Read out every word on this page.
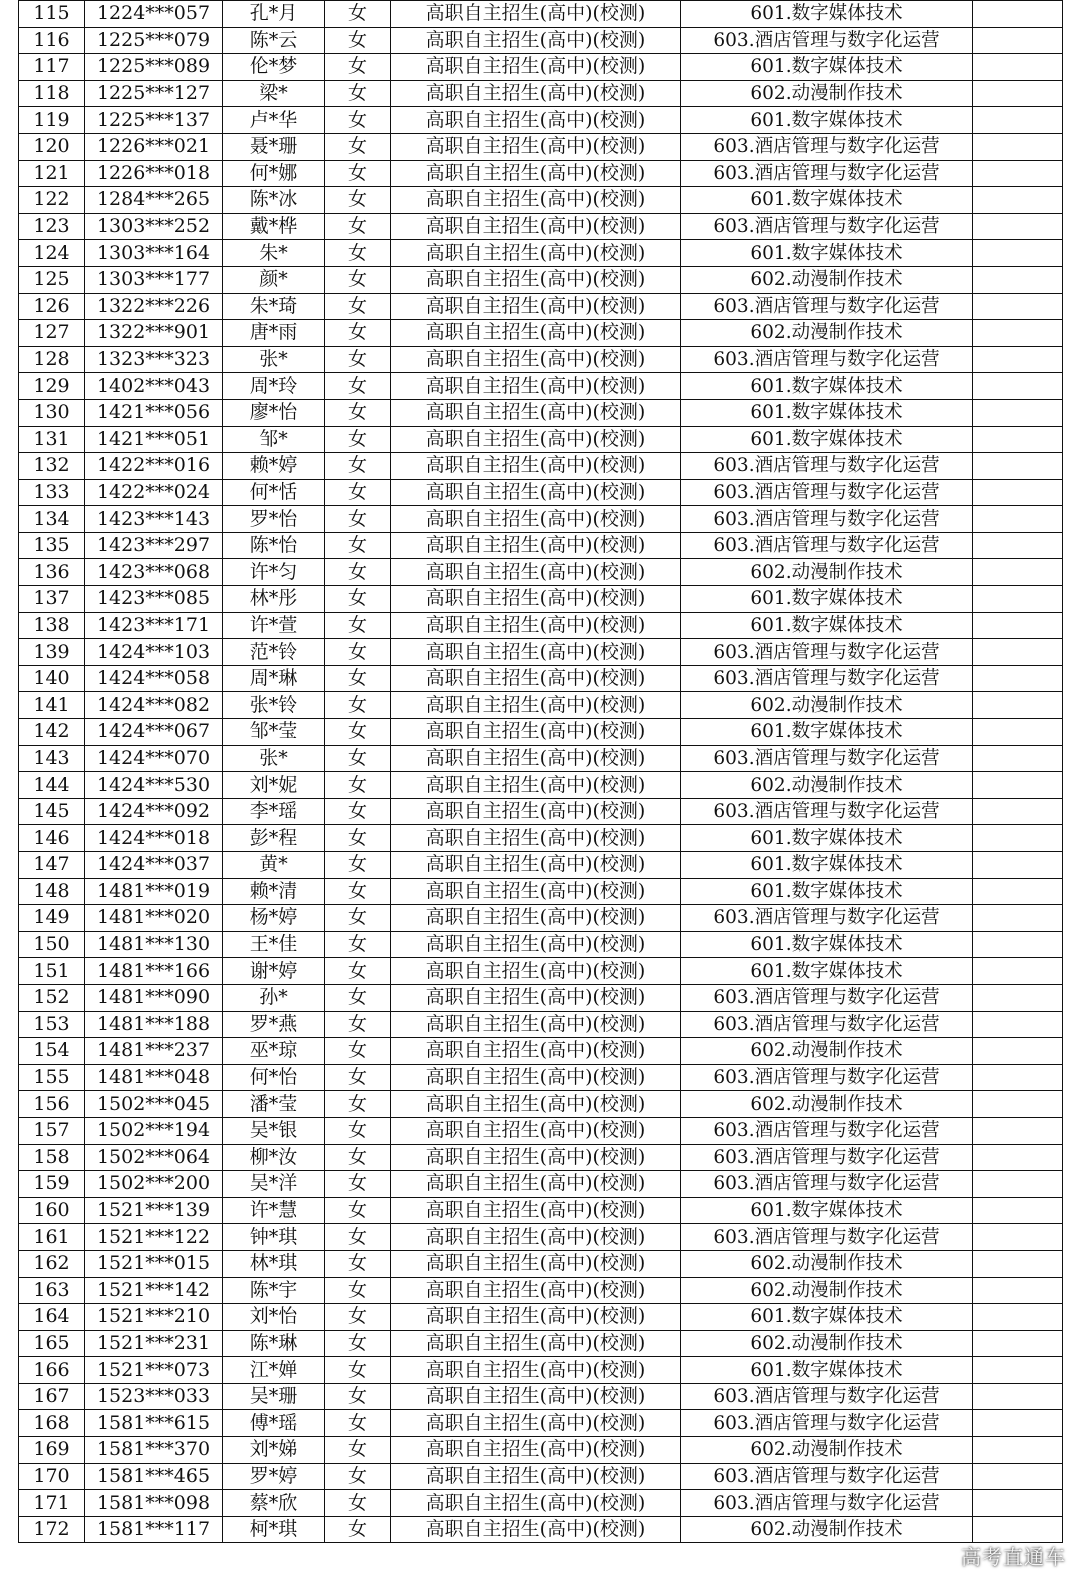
115	1224***057	孔*月	女	高职自主招生(高中)(校测)	601.数字媒体技术	
116	1225***079	陈*云	女	高职自主招生(高中)(校测)	603.酒店管理与数字化运营	
117	1225***089	伦*梦	女	高职自主招生(高中)(校测)	601.数字媒体技术	
118	1225***127	梁*	女	高职自主招生(高中)(校测)	602.动漫制作技术	
119	1225***137	卢*华	女	高职自主招生(高中)(校测)	601.数字媒体技术	
120	1226***021	聂*珊	女	高职自主招生(高中)(校测)	603.酒店管理与数字化运营	
121	1226***018	何*娜	女	高职自主招生(高中)(校测)	603.酒店管理与数字化运营	
122	1284***265	陈*冰	女	高职自主招生(高中)(校测)	601.数字媒体技术	
123	1303***252	戴*桦	女	高职自主招生(高中)(校测)	603.酒店管理与数字化运营	
124	1303***164	朱*	女	高职自主招生(高中)(校测)	601.数字媒体技术	
125	1303***177	颜*	女	高职自主招生(高中)(校测)	602.动漫制作技术	
126	1322***226	朱*琦	女	高职自主招生(高中)(校测)	603.酒店管理与数字化运营	
127	1322***901	唐*雨	女	高职自主招生(高中)(校测)	602.动漫制作技术	
128	1323***323	张*	女	高职自主招生(高中)(校测)	603.酒店管理与数字化运营	
129	1402***043	周*玲	女	高职自主招生(高中)(校测)	601.数字媒体技术	
130	1421***056	廖*怡	女	高职自主招生(高中)(校测)	601.数字媒体技术	
131	1421***051	邹*	女	高职自主招生(高中)(校测)	601.数字媒体技术	
132	1422***016	赖*婷	女	高职自主招生(高中)(校测)	603.酒店管理与数字化运营	
133	1422***024	何*恬	女	高职自主招生(高中)(校测)	603.酒店管理与数字化运营	
134	1423***143	罗*怡	女	高职自主招生(高中)(校测)	603.酒店管理与数字化运营	
135	1423***297	陈*怡	女	高职自主招生(高中)(校测)	603.酒店管理与数字化运营	
136	1423***068	许*匀	女	高职自主招生(高中)(校测)	602.动漫制作技术	
137	1423***085	林*彤	女	高职自主招生(高中)(校测)	601.数字媒体技术	
138	1423***171	许*萱	女	高职自主招生(高中)(校测)	601.数字媒体技术	
139	1424***103	范*铃	女	高职自主招生(高中)(校测)	603.酒店管理与数字化运营	
140	1424***058	周*琳	女	高职自主招生(高中)(校测)	603.酒店管理与数字化运营	
141	1424***082	张*铃	女	高职自主招生(高中)(校测)	602.动漫制作技术	
142	1424***067	邹*莹	女	高职自主招生(高中)(校测)	601.数字媒体技术	
143	1424***070	张*	女	高职自主招生(高中)(校测)	603.酒店管理与数字化运营	
144	1424***530	刘*妮	女	高职自主招生(高中)(校测)	602.动漫制作技术	
145	1424***092	李*瑶	女	高职自主招生(高中)(校测)	603.酒店管理与数字化运营	
146	1424***018	彭*程	女	高职自主招生(高中)(校测)	601.数字媒体技术	
147	1424***037	黄*	女	高职自主招生(高中)(校测)	601.数字媒体技术	
148	1481***019	赖*清	女	高职自主招生(高中)(校测)	601.数字媒体技术	
149	1481***020	杨*婷	女	高职自主招生(高中)(校测)	603.酒店管理与数字化运营	
150	1481***130	王*佳	女	高职自主招生(高中)(校测)	601.数字媒体技术	
151	1481***166	谢*婷	女	高职自主招生(高中)(校测)	601.数字媒体技术	
152	1481***090	孙*	女	高职自主招生(高中)(校测)	603.酒店管理与数字化运营	
153	1481***188	罗*燕	女	高职自主招生(高中)(校测)	603.酒店管理与数字化运营	
154	1481***237	巫*琼	女	高职自主招生(高中)(校测)	602.动漫制作技术	
155	1481***048	何*怡	女	高职自主招生(高中)(校测)	603.酒店管理与数字化运营	
156	1502***045	潘*莹	女	高职自主招生(高中)(校测)	602.动漫制作技术	
157	1502***194	吴*银	女	高职自主招生(高中)(校测)	603.酒店管理与数字化运营	
158	1502***064	柳*汝	女	高职自主招生(高中)(校测)	603.酒店管理与数字化运营	
159	1502***200	吴*洋	女	高职自主招生(高中)(校测)	603.酒店管理与数字化运营	
160	1521***139	许*慧	女	高职自主招生(高中)(校测)	601.数字媒体技术	
161	1521***122	钟*琪	女	高职自主招生(高中)(校测)	603.酒店管理与数字化运营	
162	1521***015	林*琪	女	高职自主招生(高中)(校测)	602.动漫制作技术	
163	1521***142	陈*宇	女	高职自主招生(高中)(校测)	602.动漫制作技术	
164	1521***210	刘*怡	女	高职自主招生(高中)(校测)	601.数字媒体技术	
165	1521***231	陈*琳	女	高职自主招生(高中)(校测)	602.动漫制作技术	
166	1521***073	江*婵	女	高职自主招生(高中)(校测)	601.数字媒体技术	
167	1523***033	吴*珊	女	高职自主招生(高中)(校测)	603.酒店管理与数字化运营	
168	1581***615	傅*瑶	女	高职自主招生(高中)(校测)	603.酒店管理与数字化运营	
169	1581***370	刘*娣	女	高职自主招生(高中)(校测)	602.动漫制作技术	
170	1581***465	罗*婷	女	高职自主招生(高中)(校测)	603.酒店管理与数字化运营	
171	1581***098	蔡*欣	女	高职自主招生(高中)(校测)	603.酒店管理与数字化运营	
172	1581***117	柯*琪	女	高职自主招生(高中)(校测)	602.动漫制作技术	
高考直通车
